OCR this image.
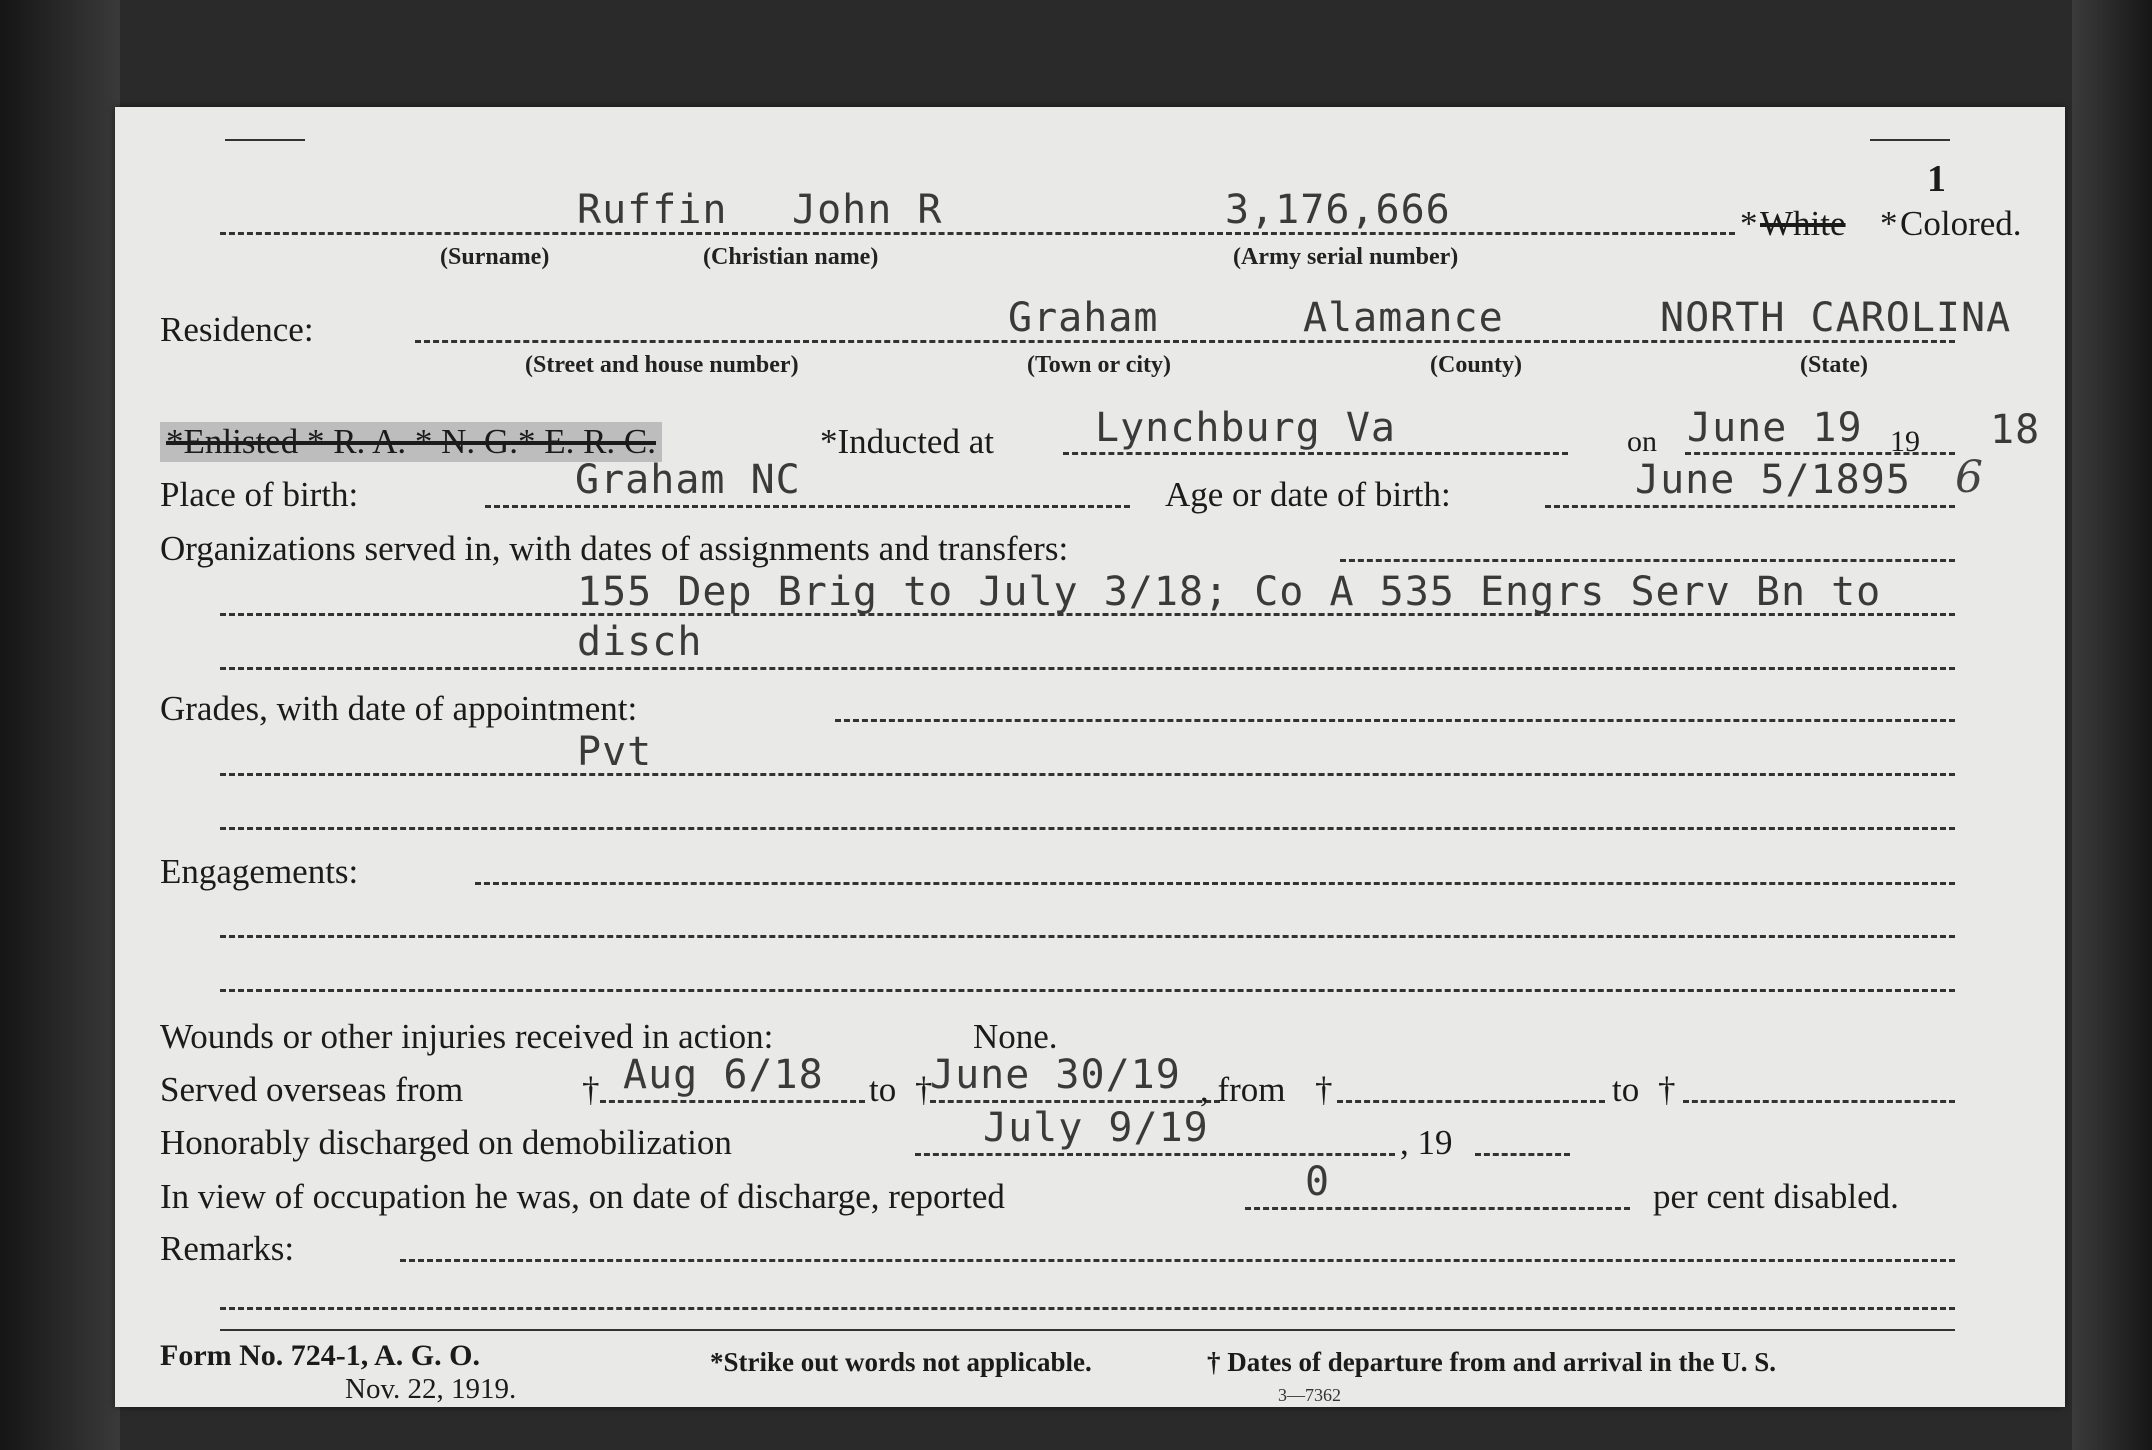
1
Ruffin John R	3,176,666	* White * Colored.
(Surname)	(Christian name)	(Army serial number)
Residence:	Graham	Alamance	NORTH CAROLINA
(Street and house number)	(Town or city)	(County)	(State)
*Enlisted * R. A. * N. G.* E. R. C.	*Inducted at	Lynchburg Va	on June 19 19 18
Place of birth:	Graham NC	Age or date of birth:	June 5/1895 6
Organizations served in, with dates of assignments and transfers:
155 Dep Brig to July 3/18; Co A 535 Engrs Serv Bn to
disch
Grades, with date of appointment:
Pvt
Engagements:
Wounds or other injuries received in action:	None.
Served overseas from	† Aug 6/18 to †
June 30/19 , from †	to †
Honorably discharged on demobilization	July 9/19	, 19
In view of occupation he was, on date of discharge, reported	0	per cent disabled.
Remarks:
Form No. 724-1, A. G. O.
Nov. 22, 1919.
*Strike out words not applicable.	† Dates of departure from and arrival in the U. S.
3—7362
